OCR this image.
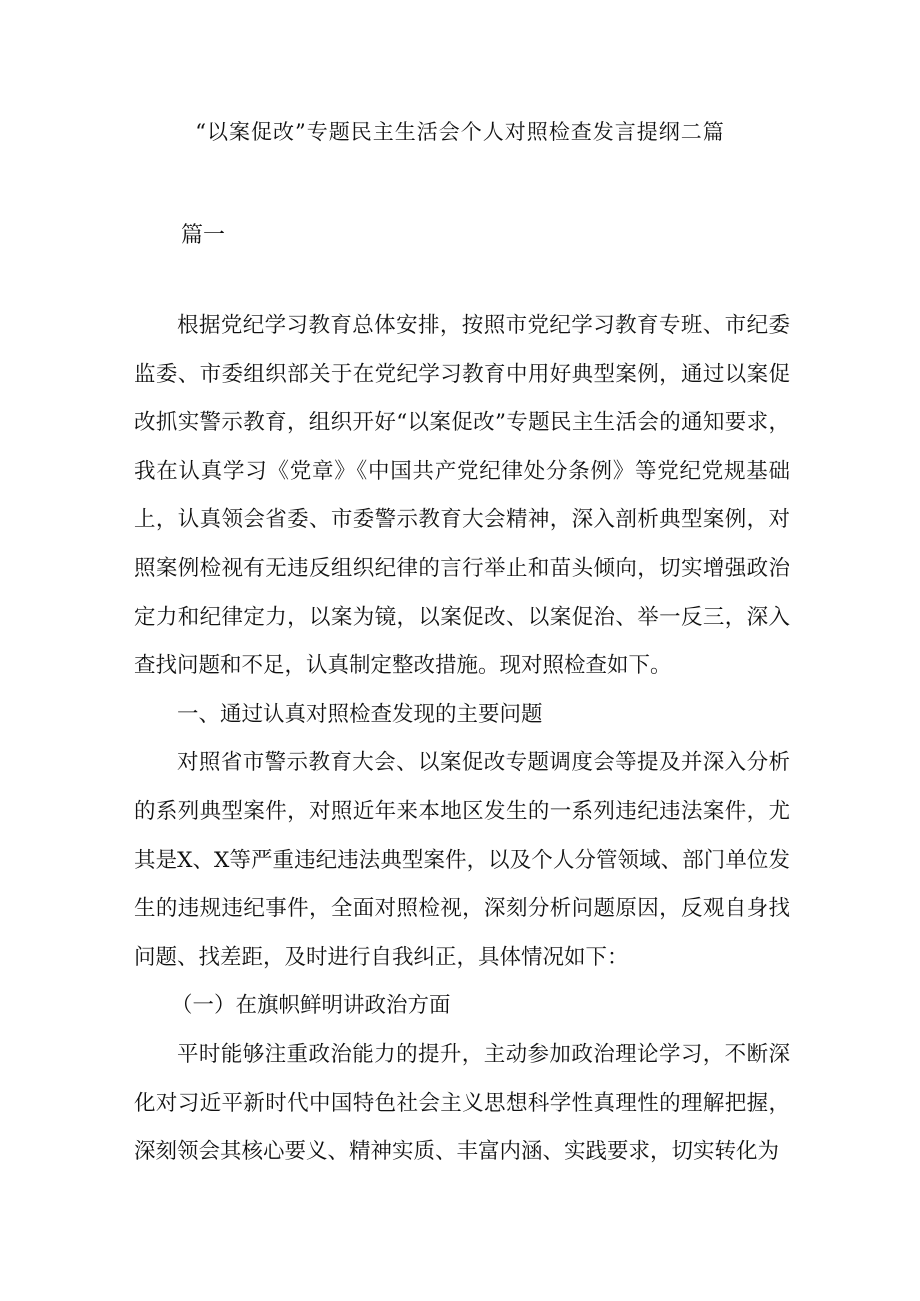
“以案促改”专题民主生活会个人对照检查发言提纲二篇
篇一

根据党纪学习教育总体安排，按照市党纪学习教育专班、市纪委监委、市委组织部关于在党纪学习教育中用好典型案例，通过以案促改抓实警示教育，组织开好“以案促改”专题民主生活会的通知要求，我在认真学习《党章》《中国共产党纪律处分条例》等党纪党规基础上，认真领会省委、市委警示教育大会精神，深入剖析典型案例，对照案例检视有无违反组织纪律的言行举止和苗头倾向，切实增强政治定力和纪律定力，以案为镜，以案促改、以案促治、举一反三，深入查找问题和不足，认真制定整改措施。现对照检查如下。

一、通过认真对照检查发现的主要问题

对照省市警示教育大会、以案促改专题调度会等提及并深入分析的系列典型案件，对照近年来本地区发生的一系列违纪违法案件，尤其是X、X等严重违纪违法典型案件，以及个人分管领域、部门单位发生的违规违纪事件，全面对照检视，深刻分析问题原因，反观自身找问题、找差距，及时进行自我纠正，具体情况如下：

（一）在旗帜鲜明讲政治方面

平时能够注重政治能力的提升，主动参加政治理论学习，不断深化对习近平新时代中国特色社会主义思想科学性真理性的理解把握，深刻领会其核心要义、精神实质、丰富内涵、实践要求，切实转化为
